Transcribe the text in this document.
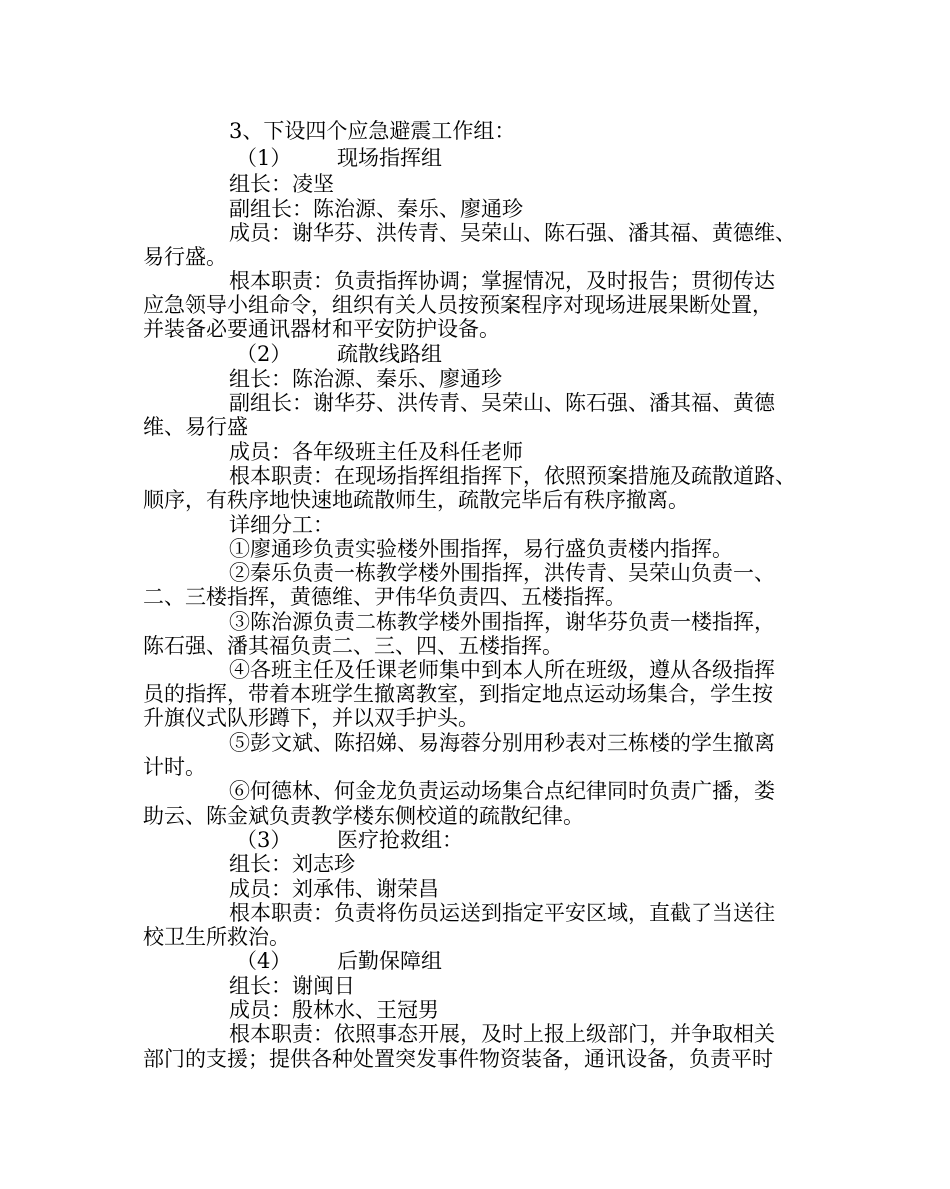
3、下设四个应急避震工作组：
（1） 现场指挥组
组长：凌坚
副组长：陈治源、秦乐、廖通珍
成员：谢华芬、洪传青、吴荣山、陈石强、潘其福、黄德维、
易行盛。
根本职责：负责指挥协调；掌握情况，及时报告；贯彻传达
应急领导小组命令，组织有关人员按预案程序对现场进展果断处置，
并装备必要通讯器材和平安防护设备。
（2） 疏散线路组
组长：陈治源、秦乐、廖通珍
副组长：谢华芬、洪传青、吴荣山、陈石强、潘其福、黄德
维、易行盛
成员：各年级班主任及科任老师
根本职责：在现场指挥组指挥下，依照预案措施及疏散道路、
顺序，有秩序地快速地疏散师生，疏散完毕后有秩序撤离。
详细分工：
①廖通珍负责实验楼外围指挥，易行盛负责楼内指挥。
②秦乐负责一栋教学楼外围指挥，洪传青、吴荣山负责一、
二、三楼指挥，黄德维、尹伟华负责四、五楼指挥。
③陈治源负责二栋教学楼外围指挥，谢华芬负责一楼指挥，
陈石强、潘其福负责二、三、四、五楼指挥。
④各班主任及任课老师集中到本人所在班级，遵从各级指挥
员的指挥，带着本班学生撤离教室，到指定地点运动场集合，学生按
升旗仪式队形蹲下，并以双手护头。
⑤彭文斌、陈招娣、易海蓉分别用秒表对三栋楼的学生撤离
计时。
⑥何德林、何金龙负责运动场集合点纪律同时负责广播，娄
助云、陈金斌负责教学楼东侧校道的疏散纪律。
（3） 医疗抢救组：
组长：刘志珍
成员：刘承伟、谢荣昌
根本职责：负责将伤员运送到指定平安区域，直截了当送往
校卫生所救治。
（4） 后勤保障组
组长：谢闽日
成员：殷林水、王冠男
根本职责：依照事态开展，及时上报上级部门，并争取相关
部门的支援；提供各种处置突发事件物资装备，通讯设备，负责平时
